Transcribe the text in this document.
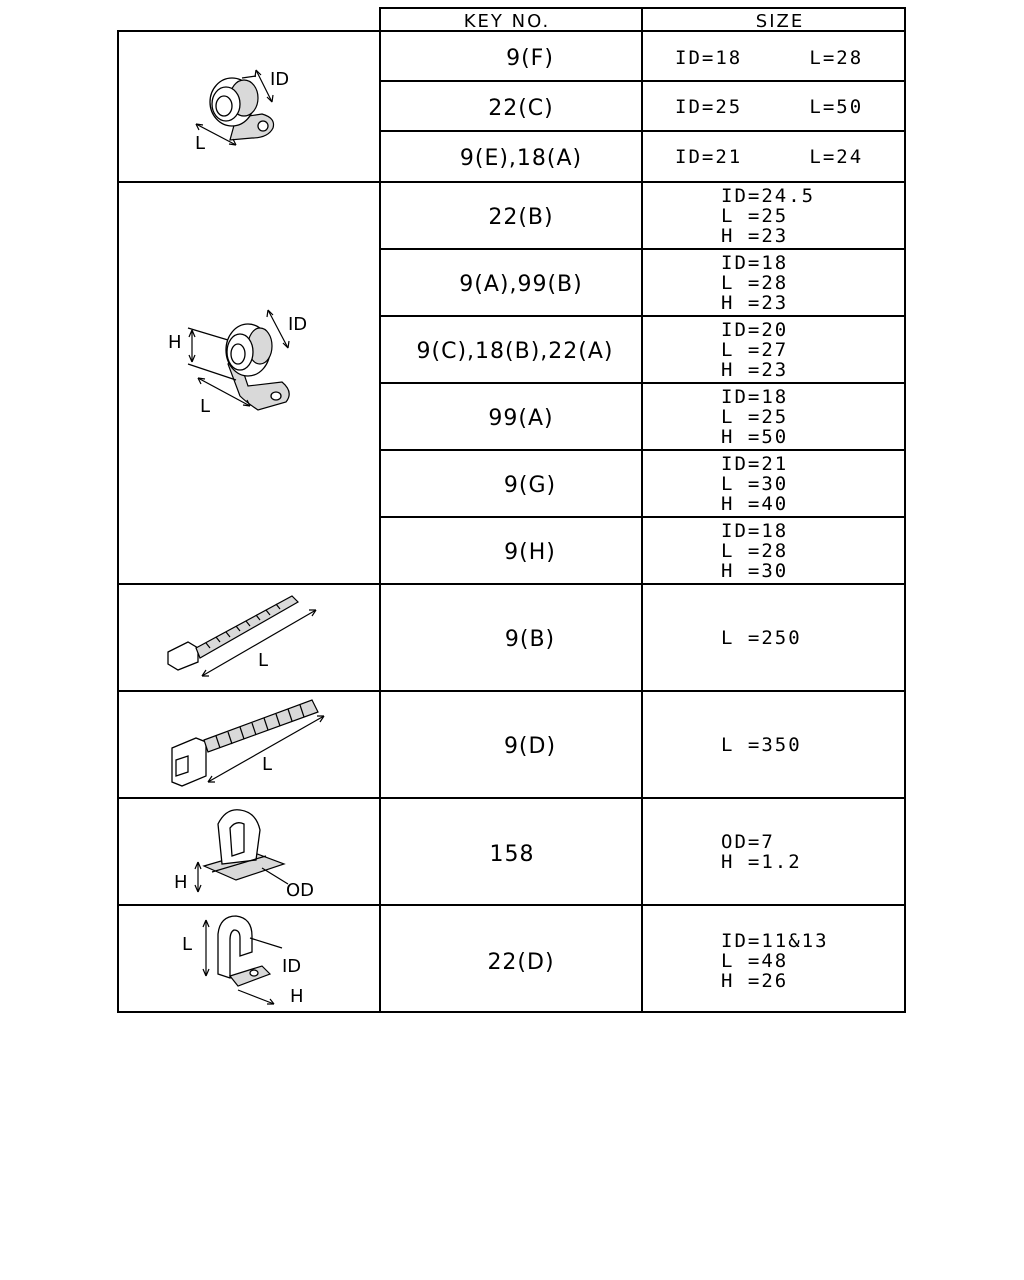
KEY NO.	SIZE
9(F)
22(C)
9(E),18(A)
22(B)
9(A),99(B)
9(C),18(B),22(A)
99(A)
9(G)
9(H)
9(B)
9(D)
158
22(D)
ID=18     L=28
ID=25     L=50
ID=21     L=24
ID=24.5
L =25
H =23
ID=18
L =28
H =23
ID=20
L =27
H =23
ID=18
L =25
H =50
ID=21
L =30
H =40
ID=18
L =28
H =30
L =250
L =350
OD=7
H =1.2
ID=11&13
L =48
H =26
ID
L
H
ID
L
L
L
H	OD
L
ID
H
